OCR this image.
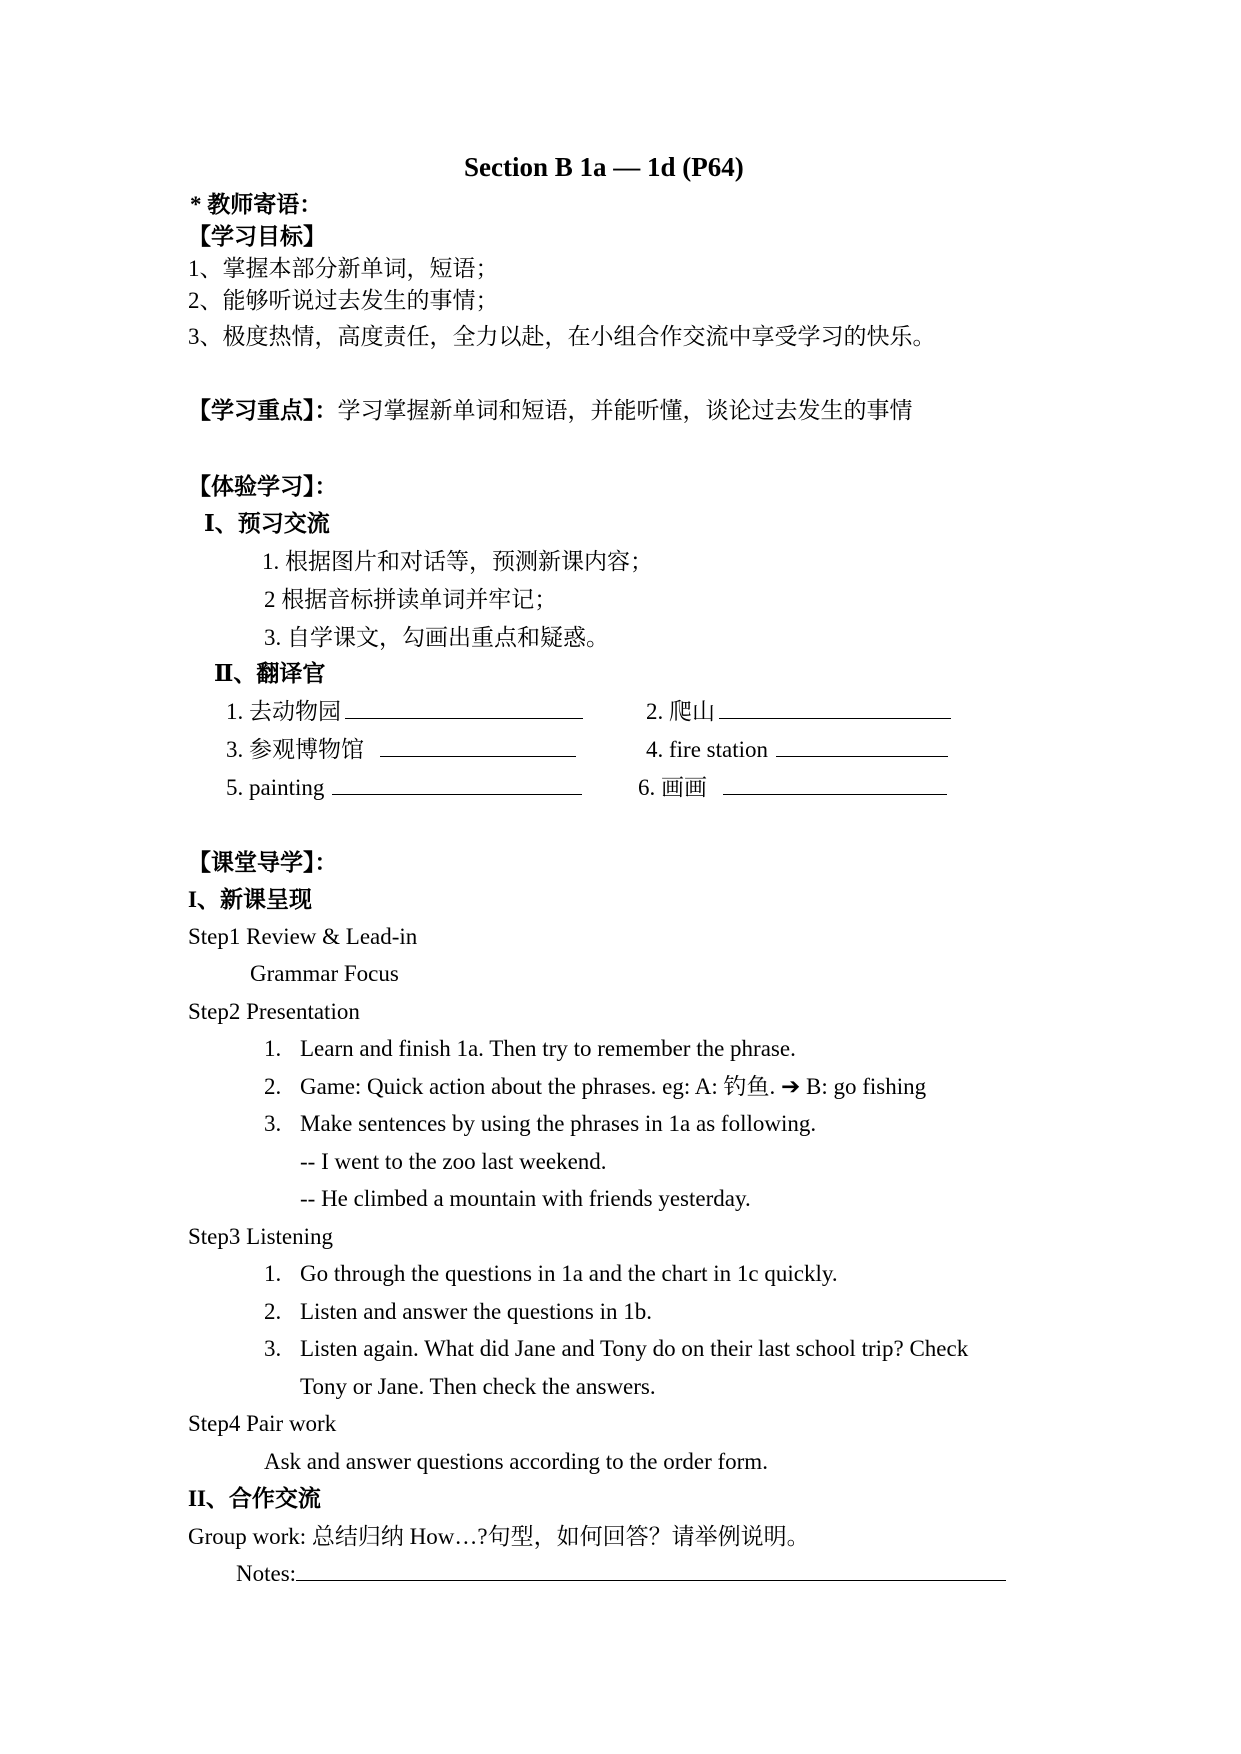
Section B 1a — 1d (P64)
* 教师寄语：
【学习目标】
1、掌握本部分新单词，短语；
2、能够听说过去发生的事情；
3、极度热情，高度责任，全力以赴，在小组合作交流中享受学习的快乐。
【学习重点】：学习掌握新单词和短语，并能听懂，谈论过去发生的事情
【体验学习】：
Ⅰ、预习交流
1. 根据图片和对话等，预测新课内容；
2 根据音标拼读单词并牢记；
3. 自学课文，勾画出重点和疑惑。
Ⅱ、翻译官
1. 去动物园	2. 爬山
3. 参观博物馆	4. fire station
5. painting	6. 画画
【课堂导学】：
I、新课呈现
Step1 Review & Lead-in
Grammar Focus
Step2 Presentation
1. Learn and finish 1a. Then try to remember the phrase.
2. Game: Quick action about the phrases. eg: A: 钓鱼. ➔ B: go fishing
3. Make sentences by using the phrases in 1a as following.
-- I went to the zoo last weekend.
-- He climbed a mountain with friends yesterday.
Step3 Listening
1. Go through the questions in 1a and the chart in 1c quickly.
2. Listen and answer the questions in 1b.
3. Listen again. What did Jane and Tony do on their last school trip? Check
Tony or Jane. Then check the answers.
Step4 Pair work
Ask and answer questions according to the order form.
II、合作交流
Group work: 总结归纳 How…?句型，如何回答？请举例说明。
Notes:
